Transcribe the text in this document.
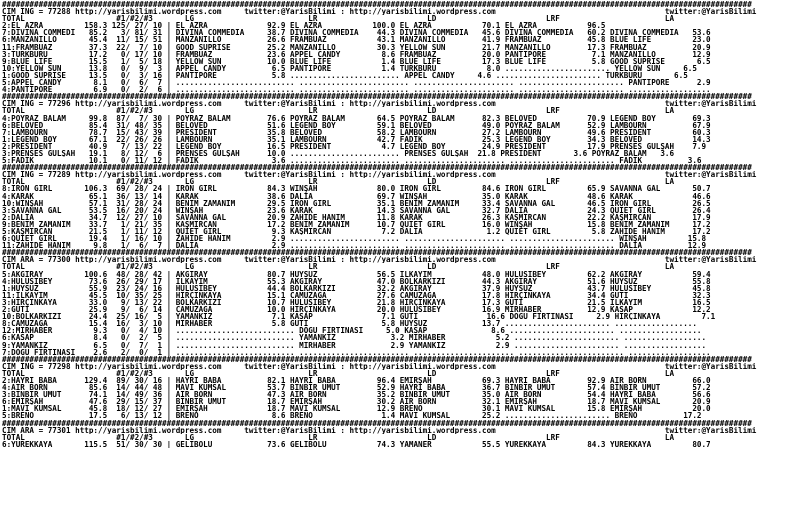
####################################################################################################################################################################
CIM ING = 77288 http://yarisbilimi.wordpress.com     twitter:@YarisBilimi : http://yarisbilimi.wordpress.com                                     twitter:@YarisBilimi
TOTAL                    #1/#2/#3       LG                         LR                        LD                        LRF                       LA
2:EL AZRA         158.3 125/ 27/ 10 | EL AZRA             92.9 EL AZRA           100.0 EL AZRA           70.1 EL AZRA           96.5
7:DIVINA COMMEDI   85.2   3/ 81/ 31 | DIVINA COMMEDIA     38.7 DIVINA COMMEDIA    44.3 DIVINA COMMEDIA   45.6 DIVINA COMMEDIA   60.2 DIVINA COMMEDIA   53.6
6:MANZANILLO       45.4  11/ 15/ 51 | MANZANILLO          26.6 FRAMBUAZ           43.1 MANZANILLO        41.9 FRAMBUAZ          45.8 BLUE LIFE         23.0
11:FRAMBUAZ        37.3  22/  7/ 10 | GOOD SUPRISE        25.2 MANZANILLO         30.3 YELLOW SUN        21.7 MANZANILLO        17.3 FRAMBUAZ          20.9
3:TURKBURU         17.2   0/ 17/ 10 | FRAMBUAZ            23.6 APPEL CANDY         8.6 FRAMBUAZ          20.0 PANTIPORE          7.1 MANZANILLO        12.9
9:BLUE LIFE        15.5   1/  5/ 18 | YELLOW SUN          10.0 BLUE LIFE           1.4 BLUE LIFE         17.3 BLUE LIFE          5.8 GOOD SUPRISE       6.5
10:YELLOW SUN      13.8   0/  9/  3 | APPEL CANDY          6.5 PANTIPORE           1.4 TURKBURU           8.0 ....................... YELLOW SUN     6.5
1:GOOD SUPRISE     13.5   0/  3/ 16 | PANTIPORE            5.8 ........................ APPEL CANDY     4.6 ....................... TURKBURU       6.5
5:APPEL CANDY       8.1   0/  6/  7 | .......................... ........................ ...................... ....................... PANTIPORE      2.9
4:PANTIPORE         6.9   0/  2/  6 | .......................... ........................ ...................... ....................... ..................
####################################################################################################################################################################
CIM ING = 77296 http://yarisbilimi.wordpress.com     twitter:@YarisBilimi : http://yarisbilimi.wordpress.com                                     twitter:@YarisBilimi
TOTAL                    #1/#2/#3       LG                         LR                        LD                        LRF                       LA
4:POYRAZ BALAM     99.8  87/  7/ 30 | POYRAZ BALAM        76.6 POYRAZ BALAM       64.5 POYRAZ BALAM      82.3 BELOVED           70.9 LEGEND BOY        69.3
6:BELOVED          85.4  31/ 48/ 35 | BELOVED             51.6 LEGEND BOY         59.1 BELOVED           49.0 POYRAZ BALAM      52.9 LAMBOURN          67.9
7:LAMBOURN         78.7  15/ 43/ 39 | PRESIDENT           35.8 BELOVED            58.2 LAMBOURN          27.2 LAMBOURN          49.6 PRESIDENT         60.3
1:LEGEND BOY       67.1  22/ 26/ 26 | LAMBOURN            35.1 LAMBOURN           42.7 FADIK             25.3 LEGEND BOY        34.3 BELOVED           14.3
2:PRESIDENT        40.9   7/ 13/ 22 | LEGEND BOY          16.5 PRESIDENT           4.7 LEGEND BOY        24.9 PRESIDENT         17.9 PRENSES GÜLŞAH    7.9
3:PRENSES GÜLŞAH   19.1   8/ 12/  6 | PRENSES GÜLŞAH      10.0 ........................ PRENSES GÜLŞAH  21.8 PRESIDENT       3.6 POYRAZ BALAM   3.6
5:FADIK            10.1   0/ 11/ 12 | FADIK                3.6 ........................ ...................... ....................... FADIK          3.6
####################################################################################################################################################################
CIM ING = 77289 http://yarisbilimi.wordpress.com     twitter:@YarisBilimi : http://yarisbilimi.wordpress.com                                     twitter:@YarisBilimi
TOTAL                    #1/#2/#3       LG                         LR                        LD                        LRF                       LA
8:IRON GIRL       106.3  69/ 28/ 24 | IRON GIRL           84.3 WINŞAH             80.0 IRON GIRL         84.6 IRON GIRL         65.9 SAVANNA GAL       50.7
4:KARAK            65.1  36/ 13/ 14 | KARAK               38.6 DALIA              69.7 WINŞAH            35.0 KARAK             48.6 KARAK             46.6
10:WINŞAH          57.1  31/ 28/ 24 | BENIM ZAMANIM       29.5 IRON GIRL          35.1 BENIM ZAMANIM     33.4 SAVANNA GAL       46.5 IRON GIRL         26.5
3:SAVANNA GAL      53.5  16/ 20/ 24 | WINŞAH              23.6 KARAK              14.3 SAVANNA GAL       32.7 DALIA             24.3 QUIET GIRL        26.4
2:DALIA            34.7  12/ 27/ 10 | SAVANNA GAL         20.9 ZAHIDE HANIM       11.8 KARAK             26.3 KAŞMIRCAN         22.2 KAŞMIRCAN         17.9
9:BENIM ZAMANIM    33.7   1/ 21/ 35 | KAŞMIRCAN           17.2 BENIM ZAMANIM      10.7 QUIET GIRL        16.0 WINŞAH            15.8 BENIM ZAMANIM     17.2
5:KAŞMIRCAN        21.5   1/ 11/ 12 | QUIET GIRL           9.3 KAŞMIRCAN           7.2 DALIA              1.2 QUIET GIRL         5.8 ZAHIDE HANIM      17.2
6:QUIET GIRL       19.4   1/ 16/ 10 | ZAHIDE HANIM         2.9 ........................ ...................... ....................... WINŞAH         15.8
11:ZAHIDE HANIM     9.8   1/  6/  7 | DALIA                2.9 ........................ ...................... ....................... DALIA          12.9
####################################################################################################################################################################
CIM ARA = 77300 http://yarisbilimi.wordpress.com     twitter:@YarisBilimi : http://yarisbilimi.wordpress.com                                     twitter:@YarisBilimi
TOTAL                    #1/#2/#3       LG                         LR                        LD                        LRF                       LA
5:AKGIRAY         100.6  48/ 28/ 42 | AKGIRAY             80.7 HUYSUZ             56.5 İLKAYIM           48.0 HULUSIBEY         62.2 AKGIRAY           59.4
4:HULUSIBEY        73.6  26/ 29/ 17 | İLKAYIM             55.3 AKGIRAY            47.0 BOLKARKIZI        44.3 AKGIRAY           51.6 HUYSUZ            55.8
1:HUYSUZ           55.9  23/ 24/ 16 | HULUSIBEY           44.4 BOLKARKIZI         32.2 AKGIRAY           37.9 HUYSUZ            43.7 HULUSIBEY         45.8
11:İLKAYIM         45.5  10/ 35/ 25 | HIRÇINKAYA          15.1 CAMUZAĞA           27.6 CAMUZAĞA          17.8 HIRÇINKAYA        34.4 GUTİ              32.3
3:HIRÇINKAYA       33.0   9/ 13/ 22 | BOLKARKIZI          10.7 HULUSIBEY          21.8 HIRÇINKAYA        17.3 GUTİ              21.5 İLKAYIM           16.5
2:GUTİ             25.9   9/  6/ 14 | CAMUZAĞA            10.0 HIRÇINKAYA         20.0 HULUSIBEY         16.9 MIRHABER          12.9 KASAP             12.2
10:BOLKARKIZI      24.4  25/ 16/  5 | YAMANKIZ             7.1 KASAP               7.1 GUTİ               16.6 DOĞU FIRTINASI     2.9 HIRÇINKAYA         7.1
8:CAMUZAĞA         15.4  16/  3/ 10 | MIRHABER             5.8 GUTİ                5.8 HUYSUZ            13.7 ....................... ..................
12:MIRHABER         9.3   0/  4/ 10 | .......................... DOĞU FIRTINASI     5.0 KASAP              8.6 ....................... ..................
6:KASAP             8.4   0/  2/  5 | .......................... YAMANKIZ            3.2 MIRHABER           5.2 ....................... ..................
9:YAMANKIZ          6.5   0/  7/  1 | .......................... MIRHABER            2.9 YAMANKIZ           2.9 ....................... ..................
7:DOĞU FIRTINASI    2.6   2/  0/  1 | .......................... ........................ ...................... ....................... ..................
####################################################################################################################################################################
CIM ING = 77298 http://yarisbilimi.wordpress.com     twitter:@YarisBilimi : http://yarisbilimi.wordpress.com                                     twitter:@YarisBilimi
TOTAL                    #1/#2/#3       LG                         LR                        LD                        LRF                       LA
2:HAYRI BABA      129.4  89/ 30/ 16 | HAYRI BABA          82.1 HAYRI BABA         96.4 EMIRŞAH           69.3 HAYRI BABA        92.9 AIR BORN          66.0
4:AIR BORN         85.6  14/ 44/ 48 | MAVI KUMSAL         53.7 BINBIR UMUT        52.9 HAYRI BABA        36.7 BINBIR UMUT       57.4 BINBIR UMUT       57.2
3:BINBIR UMUT      74.1  14/ 49/ 36 | AIR BORN            47.3 AIR BORN           35.2 BINBIR UMUT       35.0 AIR BORN          54.4 HAYRI BABA        56.6
6:EMIRŞAH          47.6  29/ 15/ 37 | BINBIR UMUT         18.7 EMIRŞAH            30.2 AIR BORN          32.1 EMIRŞAH           18.7 MAVI KUMSAL       20.9
1:MAVI KUMSAL      45.8  18/ 12/ 27 | EMIRŞAH             18.7 MAVI KUMSAL        12.9 BRENO             30.1 MAVI KUMSAL       15.8 EMIRŞAH           20.0
5:BRENO            17.5   6/ 13/ 12 | BRENO                8.6 BRENO               1.4 MAVI KUMSAL       25.2 ....................... BRENO          17.2
####################################################################################################################################################################
CIM ARA = 77301 http://yarisbilimi.wordpress.com     twitter:@YarisBilimi : http://yarisbilimi.wordpress.com                                     twitter:@YarisBilimi
TOTAL                    #1/#2/#3       LG                         LR                        LD                        LRF                       LA
6:YÜREKKAYA       115.5  51/ 30/ 30 | GELIBOLU            73.6 GELIBOLU           74.3 YAMANER           55.5 YÜREKKAYA         84.3 YÜREKKAYA         80.7
